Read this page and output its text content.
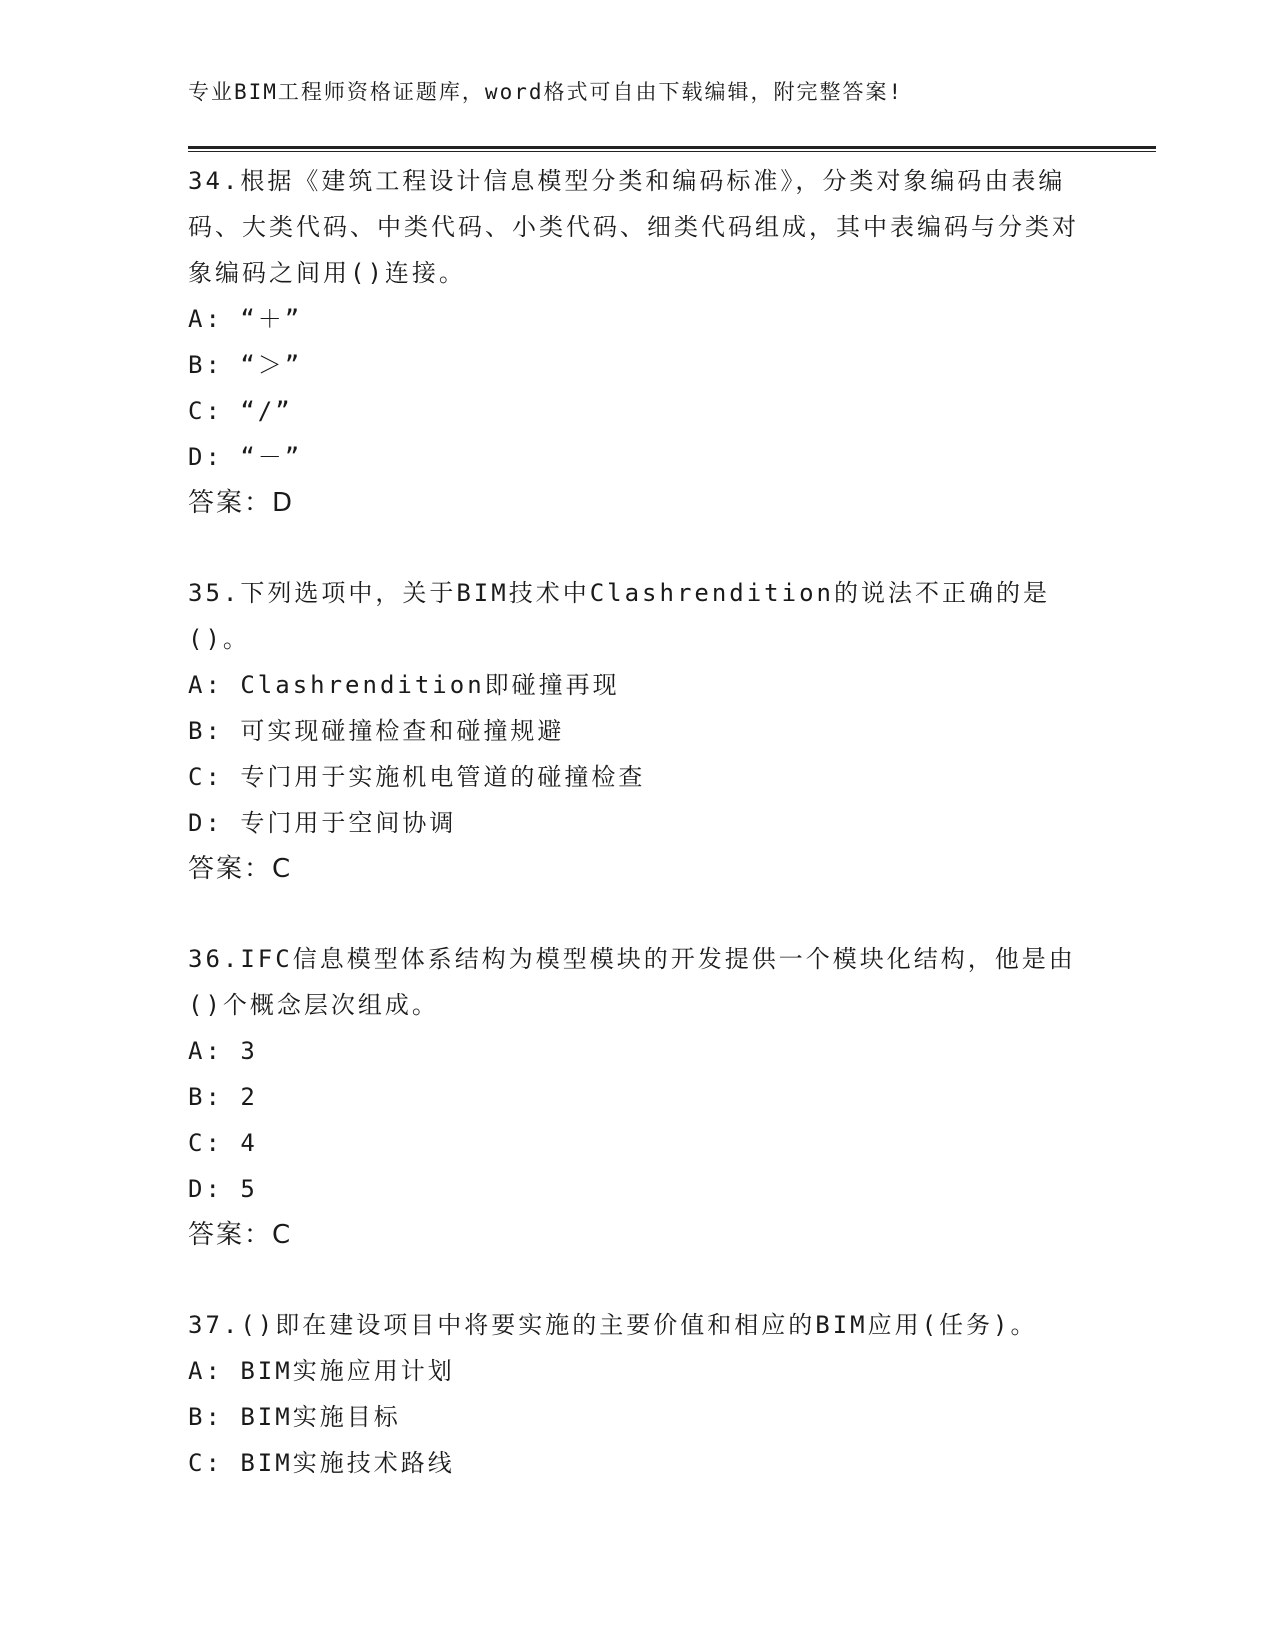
专业BIM工程师资格证题库，word格式可自由下载编辑，附完整答案!
34.根据《建筑工程设计信息模型分类和编码标准》，分类对象编码由表编码、大类代码、中类代码、小类代码、细类代码组成，其中表编码与分类对象编码之间用()连接。
A: “＋”
B: “＞”
C: “/”
D: “－”
答案：D
35.下列选项中，关于BIM技术中Clashrendition的说法不正确的是()。
A: Clashrendition即碰撞再现
B: 可实现碰撞检查和碰撞规避
C: 专门用于实施机电管道的碰撞检查
D: 专门用于空间协调
答案：C
36.IFC信息模型体系结构为模型模块的开发提供一个模块化结构，他是由()个概念层次组成。
A: 3
B: 2
C: 4
D: 5
答案：C
37.()即在建设项目中将要实施的主要价值和相应的BIM应用(任务)。
A: BIM实施应用计划
B: BIM实施目标
C: BIM实施技术路线
